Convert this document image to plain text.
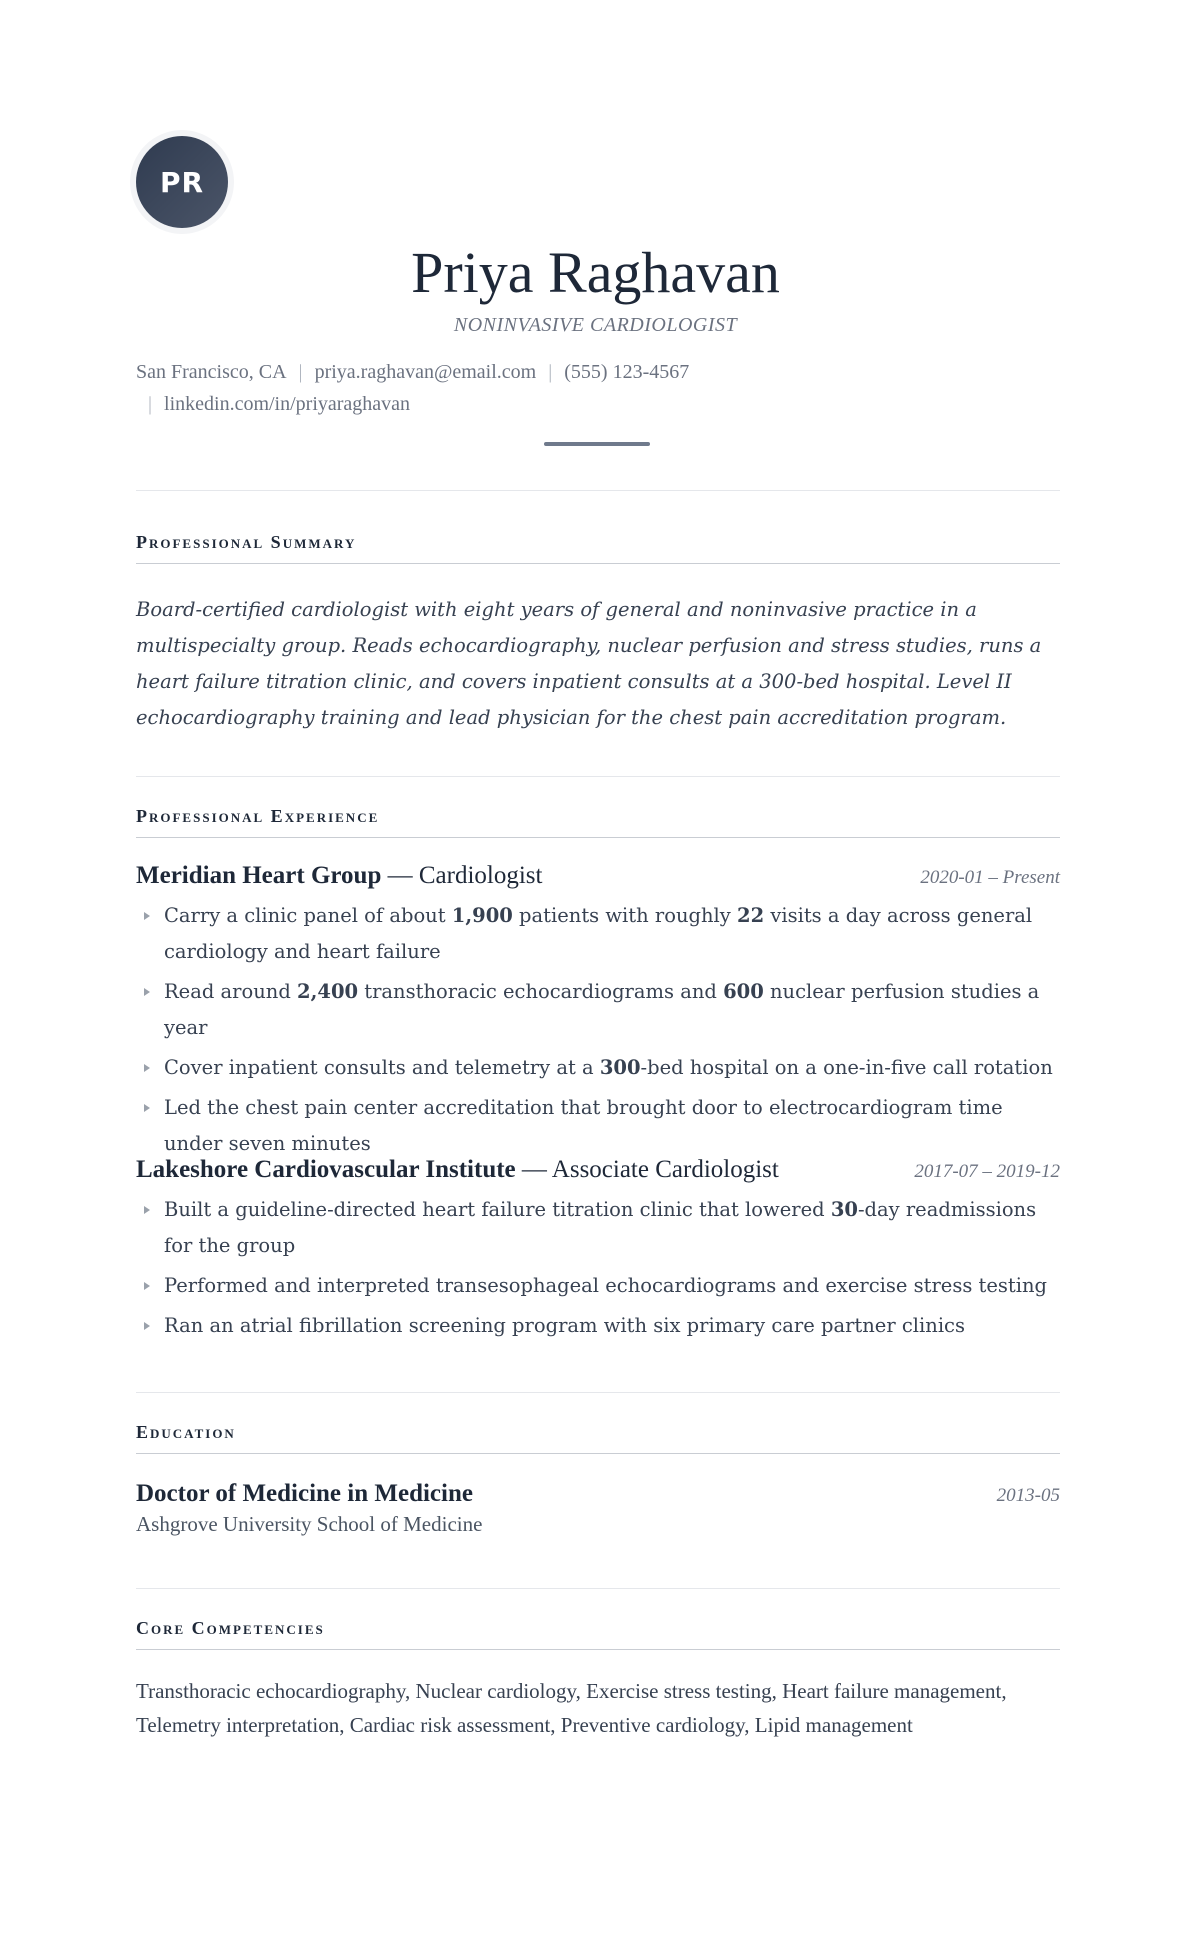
PR
Priya Raghavan
NONINVASIVE CARDIOLOGIST
San Francisco, CA | priya.raghavan@email.com | (555) 123-4567
| linkedin.com/in/priyaraghavan
Professional Summary
Board-certified cardiologist with eight years of general and noninvasive practice in a multispecialty group. Reads echocardiography, nuclear perfusion and stress studies, runs a heart failure titration clinic, and covers inpatient consults at a 300-bed hospital. Level II echocardiography training and lead physician for the chest pain accreditation program.
Professional Experience
Meridian Heart Group — Cardiologist	2020-01 – Present
Carry a clinic panel of about 1,900 patients with roughly 22 visits a day across general cardiology and heart failure
Read around 2,400 transthoracic echocardiograms and 600 nuclear perfusion studies a year
Cover inpatient consults and telemetry at a 300-bed hospital on a one-in-five call rotation
Led the chest pain center accreditation that brought door to electrocardiogram time under seven minutes
Lakeshore Cardiovascular Institute — Associate Cardiologist	2017-07 – 2019-12
Built a guideline-directed heart failure titration clinic that lowered 30-day readmissions for the group
Performed and interpreted transesophageal echocardiograms and exercise stress testing
Ran an atrial fibrillation screening program with six primary care partner clinics
Education
Doctor of Medicine in Medicine	2013-05
Ashgrove University School of Medicine
Core Competencies
Transthoracic echocardiography, Nuclear cardiology, Exercise stress testing, Heart failure management, Telemetry interpretation, Cardiac risk assessment, Preventive cardiology, Lipid management
